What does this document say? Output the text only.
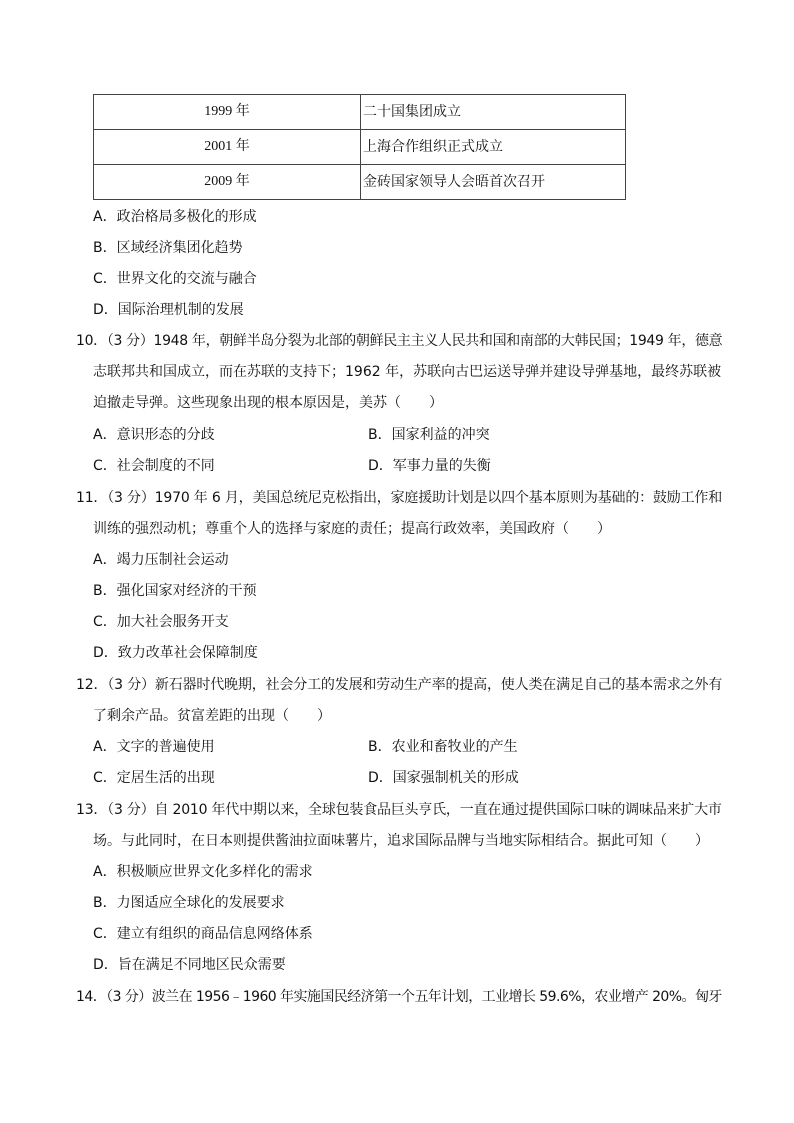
1999 年	二十国集团成立
2001 年	上海合作组织正式成立
2009 年	金砖国家领导人会晤首次召开
A．政治格局多极化的形成
B．区域经济集团化趋势
C．世界文化的交流与融合
D．国际治理机制的发展
10．（3 分）1948 年，朝鲜半岛分裂为北部的朝鲜民主主义人民共和国和南部的大韩民国；1949 年，德意
志联邦共和国成立，而在苏联的支持下；1962 年，苏联向古巴运送导弹并建设导弹基地，最终苏联被
迫撤走导弹。这些现象出现的根本原因是，美苏（　　）
A．意识形态的分歧	B．国家利益的冲突
C．社会制度的不同	D．军事力量的失衡
11．（3 分）1970 年 6 月，美国总统尼克松指出，家庭援助计划是以四个基本原则为基础的：鼓励工作和
训练的强烈动机；尊重个人的选择与家庭的责任；提高行政效率，美国政府（　　）
A．竭力压制社会运动
B．强化国家对经济的干预
C．加大社会服务开支
D．致力改革社会保障制度
12．（3 分）新石器时代晚期，社会分工的发展和劳动生产率的提高，使人类在满足自己的基本需求之外有
了剩余产品。贫富差距的出现（　　）
A．文字的普遍使用	B．农业和畜牧业的产生
C．定居生活的出现	D．国家强制机关的形成
13．（3 分）自 2010 年代中期以来，全球包装食品巨头亨氏，一直在通过提供国际口味的调味品来扩大市
场。与此同时，在日本则提供酱油拉面味薯片，追求国际品牌与当地实际相结合。据此可知（　　）
A．积极顺应世界文化多样化的需求
B．力图适应全球化的发展要求
C．建立有组织的商品信息网络体系
D．旨在满足不同地区民众需要
14．（3 分）波兰在 1956﹣1960 年实施国民经济第一个五年计划，工业增长 59.6%，农业增产 20%。匈牙
